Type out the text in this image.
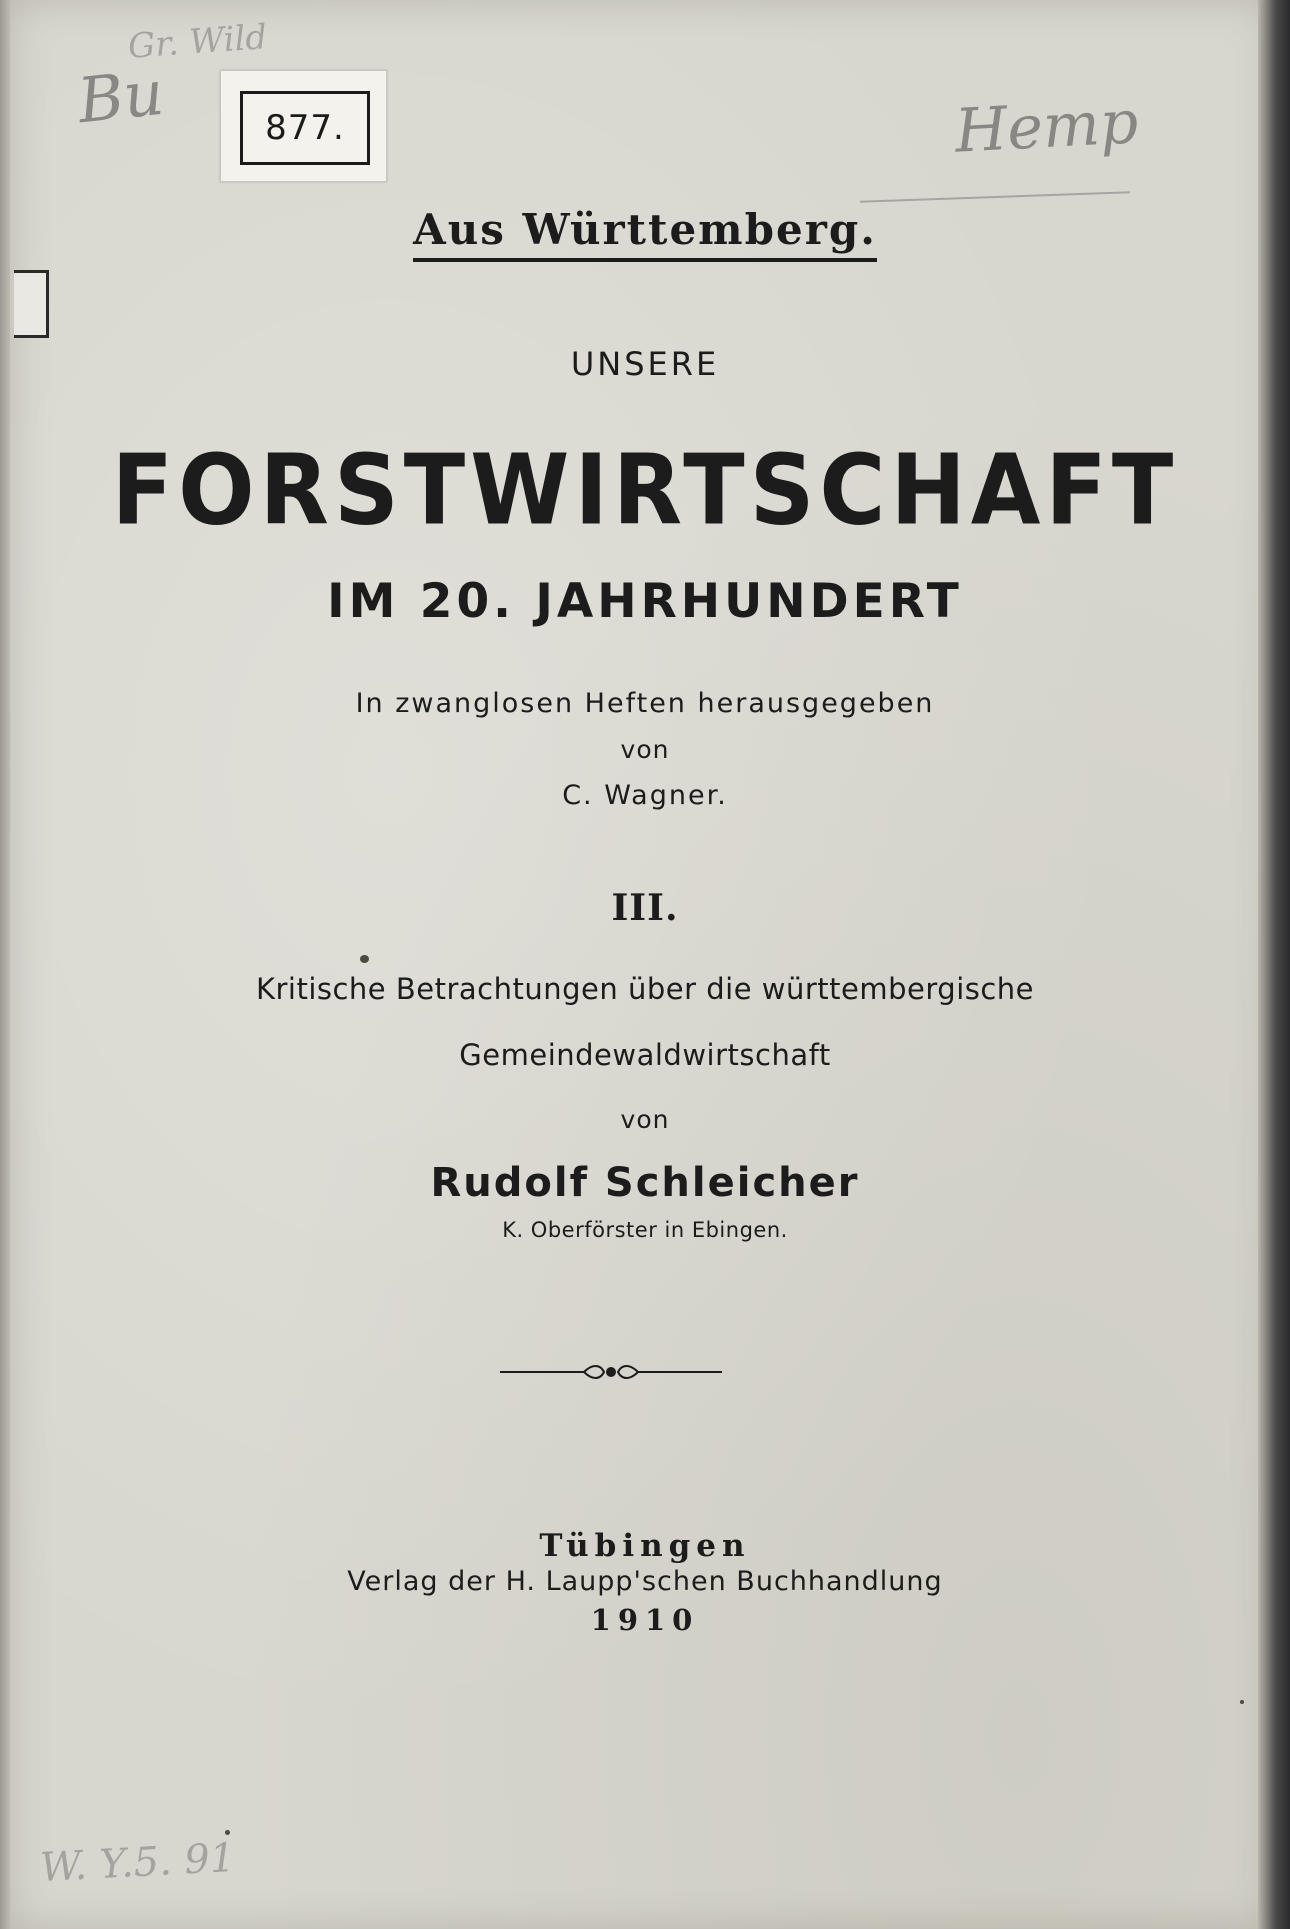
Gr. Wild
Bu	Hemp
W. Y.5. 91
877.
Aus Württemberg.
UNSERE
FORSTWIRTSCHAFT
IM 20. JAHRHUNDERT
In zwanglosen Heften herausgegeben
von
C. Wagner.
III.
Kritische Betrachtungen über die württembergische
Gemeindewaldwirtschaft
von
Rudolf Schleicher
K. Oberförster in Ebingen.
Tübingen
Verlag der H. Laupp'schen Buchhandlung
1910
